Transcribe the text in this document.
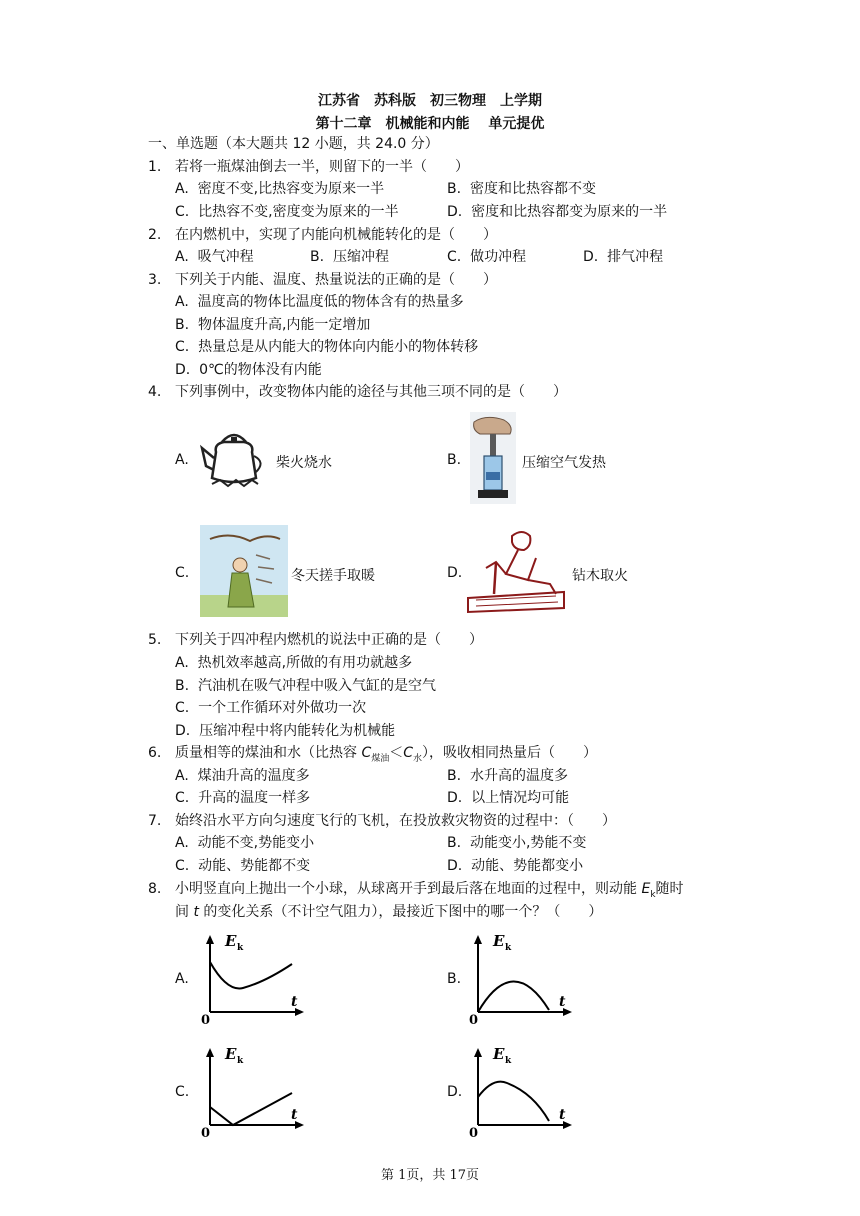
江苏省　苏科版　初三物理　上学期
第十二章　机械能和内能　 单元提优
一、单选题（本大题共 12 小题，共 24.0 分）
1. 若将一瓶煤油倒去一半，则留下的一半（　　）
A.  密度不变,比热容变为原来一半	B.  密度和比热容都不变
C.  比热容不变,密度变为原来的一半	D.  密度和比热容都变为原来的一半
2. 在内燃机中，实现了内能向机械能转化的是（　　）
A.  吸气冲程	B.  压缩冲程	C.  做功冲程	D.  排气冲程
3. 下列关于内能、温度、热量说法的正确的是（　　）
A.  温度高的物体比温度低的物体含有的热量多
B.  物体温度升高,内能一定增加
C.  热量总是从内能大的物体向内能小的物体转移
D.  0℃的物体没有内能
4. 下列事例中，改变物体内能的途径与其他三项不同的是（　　）
A.	柴火烧水	B.	压缩空气发热
C.	冬天搓手取暖	D.	钻木取火
5. 下列关于四冲程内燃机的说法中正确的是（　　）
A.  热机效率越高,所做的有用功就越多
B.  汽油机在吸气冲程中吸入气缸的是空气
C.  一个工作循环对外做功一次
D.  压缩冲程中将内能转化为机械能
6. 质量相等的煤油和水（比热容 $C_{煤油}<C_水$），吸收相同热量后（　　）
A.  煤油升高的温度多	B.  水升高的温度多
C.  升高的温度一样多	D.  以上情况均可能
7. 始终沿水平方向匀速度飞行的飞机，在投放救灾物资的过程中：（　　）
A.  动能不变,势能变小	B.  动能变小,势能不变
C.  动能、势能都不变	D.  动能、势能都变小
8. 小明竖直向上抛出一个小球，从球离开手到最后落在地面的过程中，则动能 $E_k$随时
间 t 的变化关系（不计空气阻力），最接近下图中的哪一个？（　　）
A.	B.
C.	D.
E k
t
0
E k
t
0
E k
t
0
E k
t
0
第 1页，共 17页
